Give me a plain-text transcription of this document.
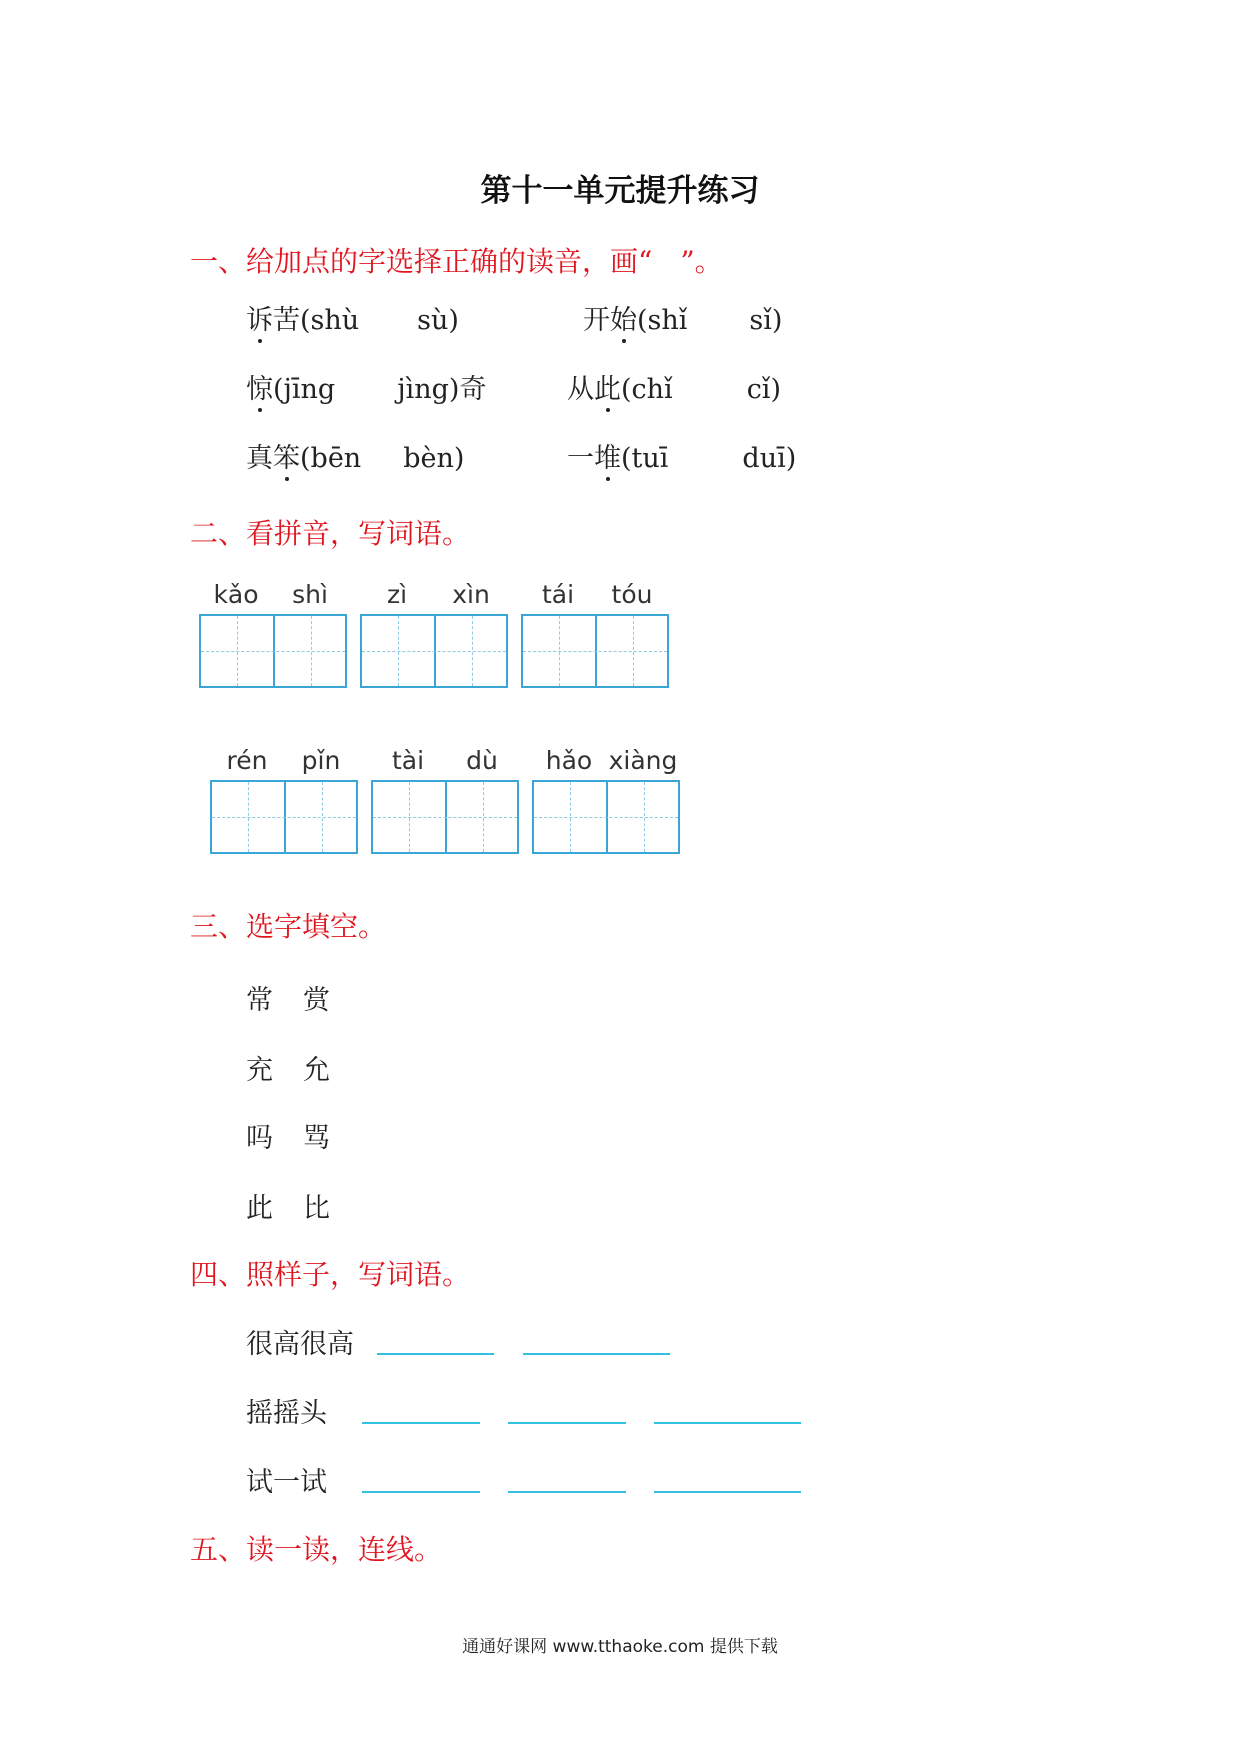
第十一单元提升练习
一、给加点的字选择正确的读音，画“　”。
诉苦(shù sù)	开始(shǐ sǐ)
惊(jīng jìng)奇	从此(chǐ	cǐ)
真笨(bēn bèn)	一堆(tuī	duī)
二、看拼音，写词语。
kǎo	shì	zì	xìn	tái	tóu
rén	pǐn	tài	dù	hǎo xiàng
三、选字填空。
常 赏
充 允
吗 骂
此 比
四、照样子，写词语。
很高很高
摇摇头
试一试
五、读一读，连线。
通通好课网 www.tthaoke.com 提供下载
